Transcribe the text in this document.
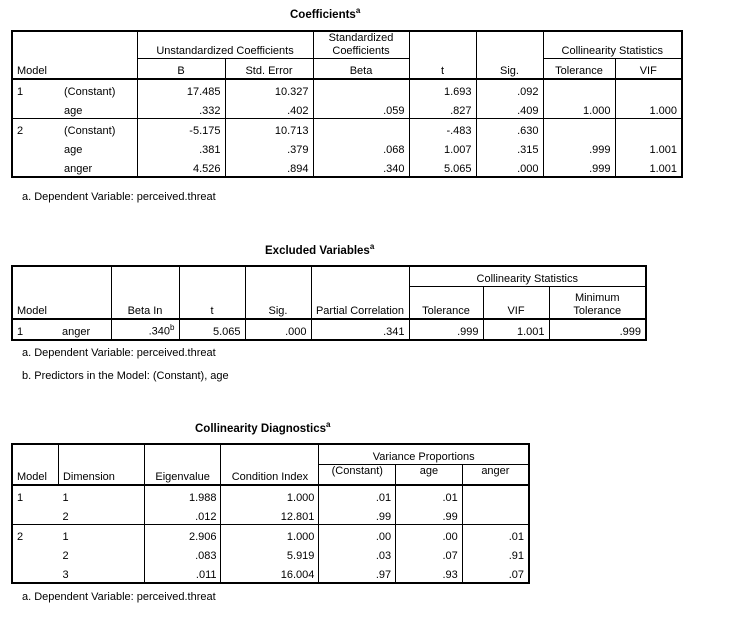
Coefficients$^a$
Model		Unstandardized Coefficients		Standardized Coefficients	t	Sig.	Collinearity Statistics	
		B	Std. Error	Beta			Tolerance	VIF
1	(Constant)	17.485	10.327		1.693	.092		
	age	.332	.402	.059	.827	.409	1.000	1.000
2	(Constant)	-5.175	10.713		-.483	.630		
	age	.381	.379	.068	1.007	.315	.999	1.001
	anger	4.526	.894	.340	5.065	.000	.999	1.001
a. Dependent Variable: perceived.threat
Excluded Variables$^a$
Model		Beta In	t	Sig.	Partial Correlation	Collinearity Statistics		
						Tolerance	VIF	Minimum Tolerance
1	anger	.340$^b$	5.065	.000	.341	.999	1.001	.999
a. Dependent Variable: perceived.threat
b. Predictors in the Model: (Constant), age
Collinearity Diagnostics$^a$
Model	Dimension	Eigenvalue	Condition Index	Variance Proportions		
				(Constant)	age	anger
1	1	1.988	1.000	.01	.01	
	2	.012	12.801	.99	.99	
2	1	2.906	1.000	.00	.00	.01
	2	.083	5.919	.03	.07	.91
	3	.011	16.004	.97	.93	.07
a. Dependent Variable: perceived.threat
